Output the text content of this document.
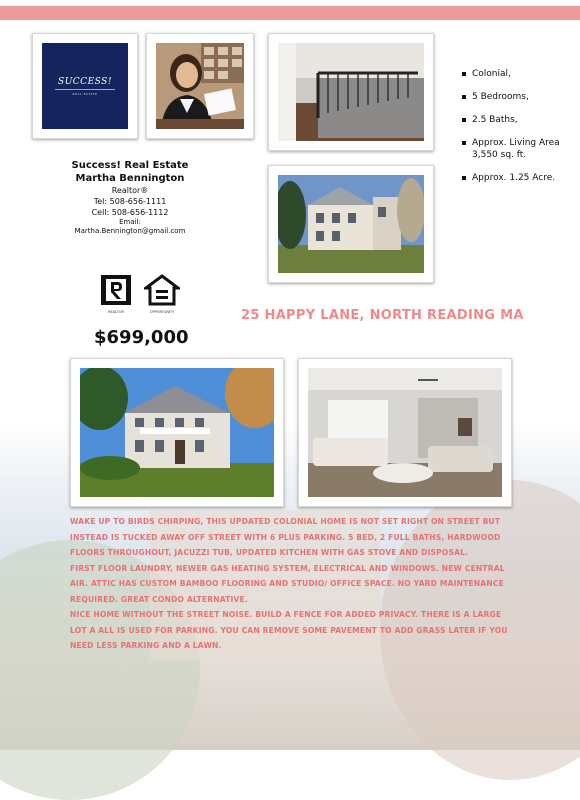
SUCCESS!
REAL ESTATE
Colonial,
5 Bedrooms,
2.5 Baths,
Approx. Living Area 3,550 sq. ft.
Approx. 1.25 Acre.
Success! Real Estate
Martha Bennington
Realtor®
Tel: 508-656-1111
Cell: 508-656-1112
Email:
Martha.Bennington@gmail.com
REALTOR	OPPORTUNITY
$699,000
25 HAPPY LANE, NORTH READING MA

WAKE UP TO BIRDS CHIRPING, THIS UPDATED COLONIAL HOME IS NOT SET RIGHT ON STREET BUT INSTEAD IS TUCKED AWAY OFF STREET WITH 6 PLUS PARKING. 5 BED, 2 FULL BATHS, HARDWOOD FLOORS THROUGHOUT, JACUZZI TUB, UPDATED KITCHEN WITH GAS STOVE AND DISPOSAL.

FIRST FLOOR LAUNDRY, NEWER GAS HEATING SYSTEM, ELECTRICAL AND WINDOWS. NEW CENTRAL AIR. ATTIC HAS CUSTOM BAMBOO FLOORING AND STUDIO/ OFFICE SPACE. NO YARD MAINTENANCE REQUIRED. GREAT CONDO ALTERNATIVE.

NICE HOME WITHOUT THE STREET NOISE. BUILD A FENCE FOR ADDED PRIVACY. THERE IS A LARGE LOT A ALL IS USED FOR PARKING. YOU CAN REMOVE SOME PAVEMENT TO ADD GRASS LATER IF YOU NEED LESS PARKING AND A LAWN.
